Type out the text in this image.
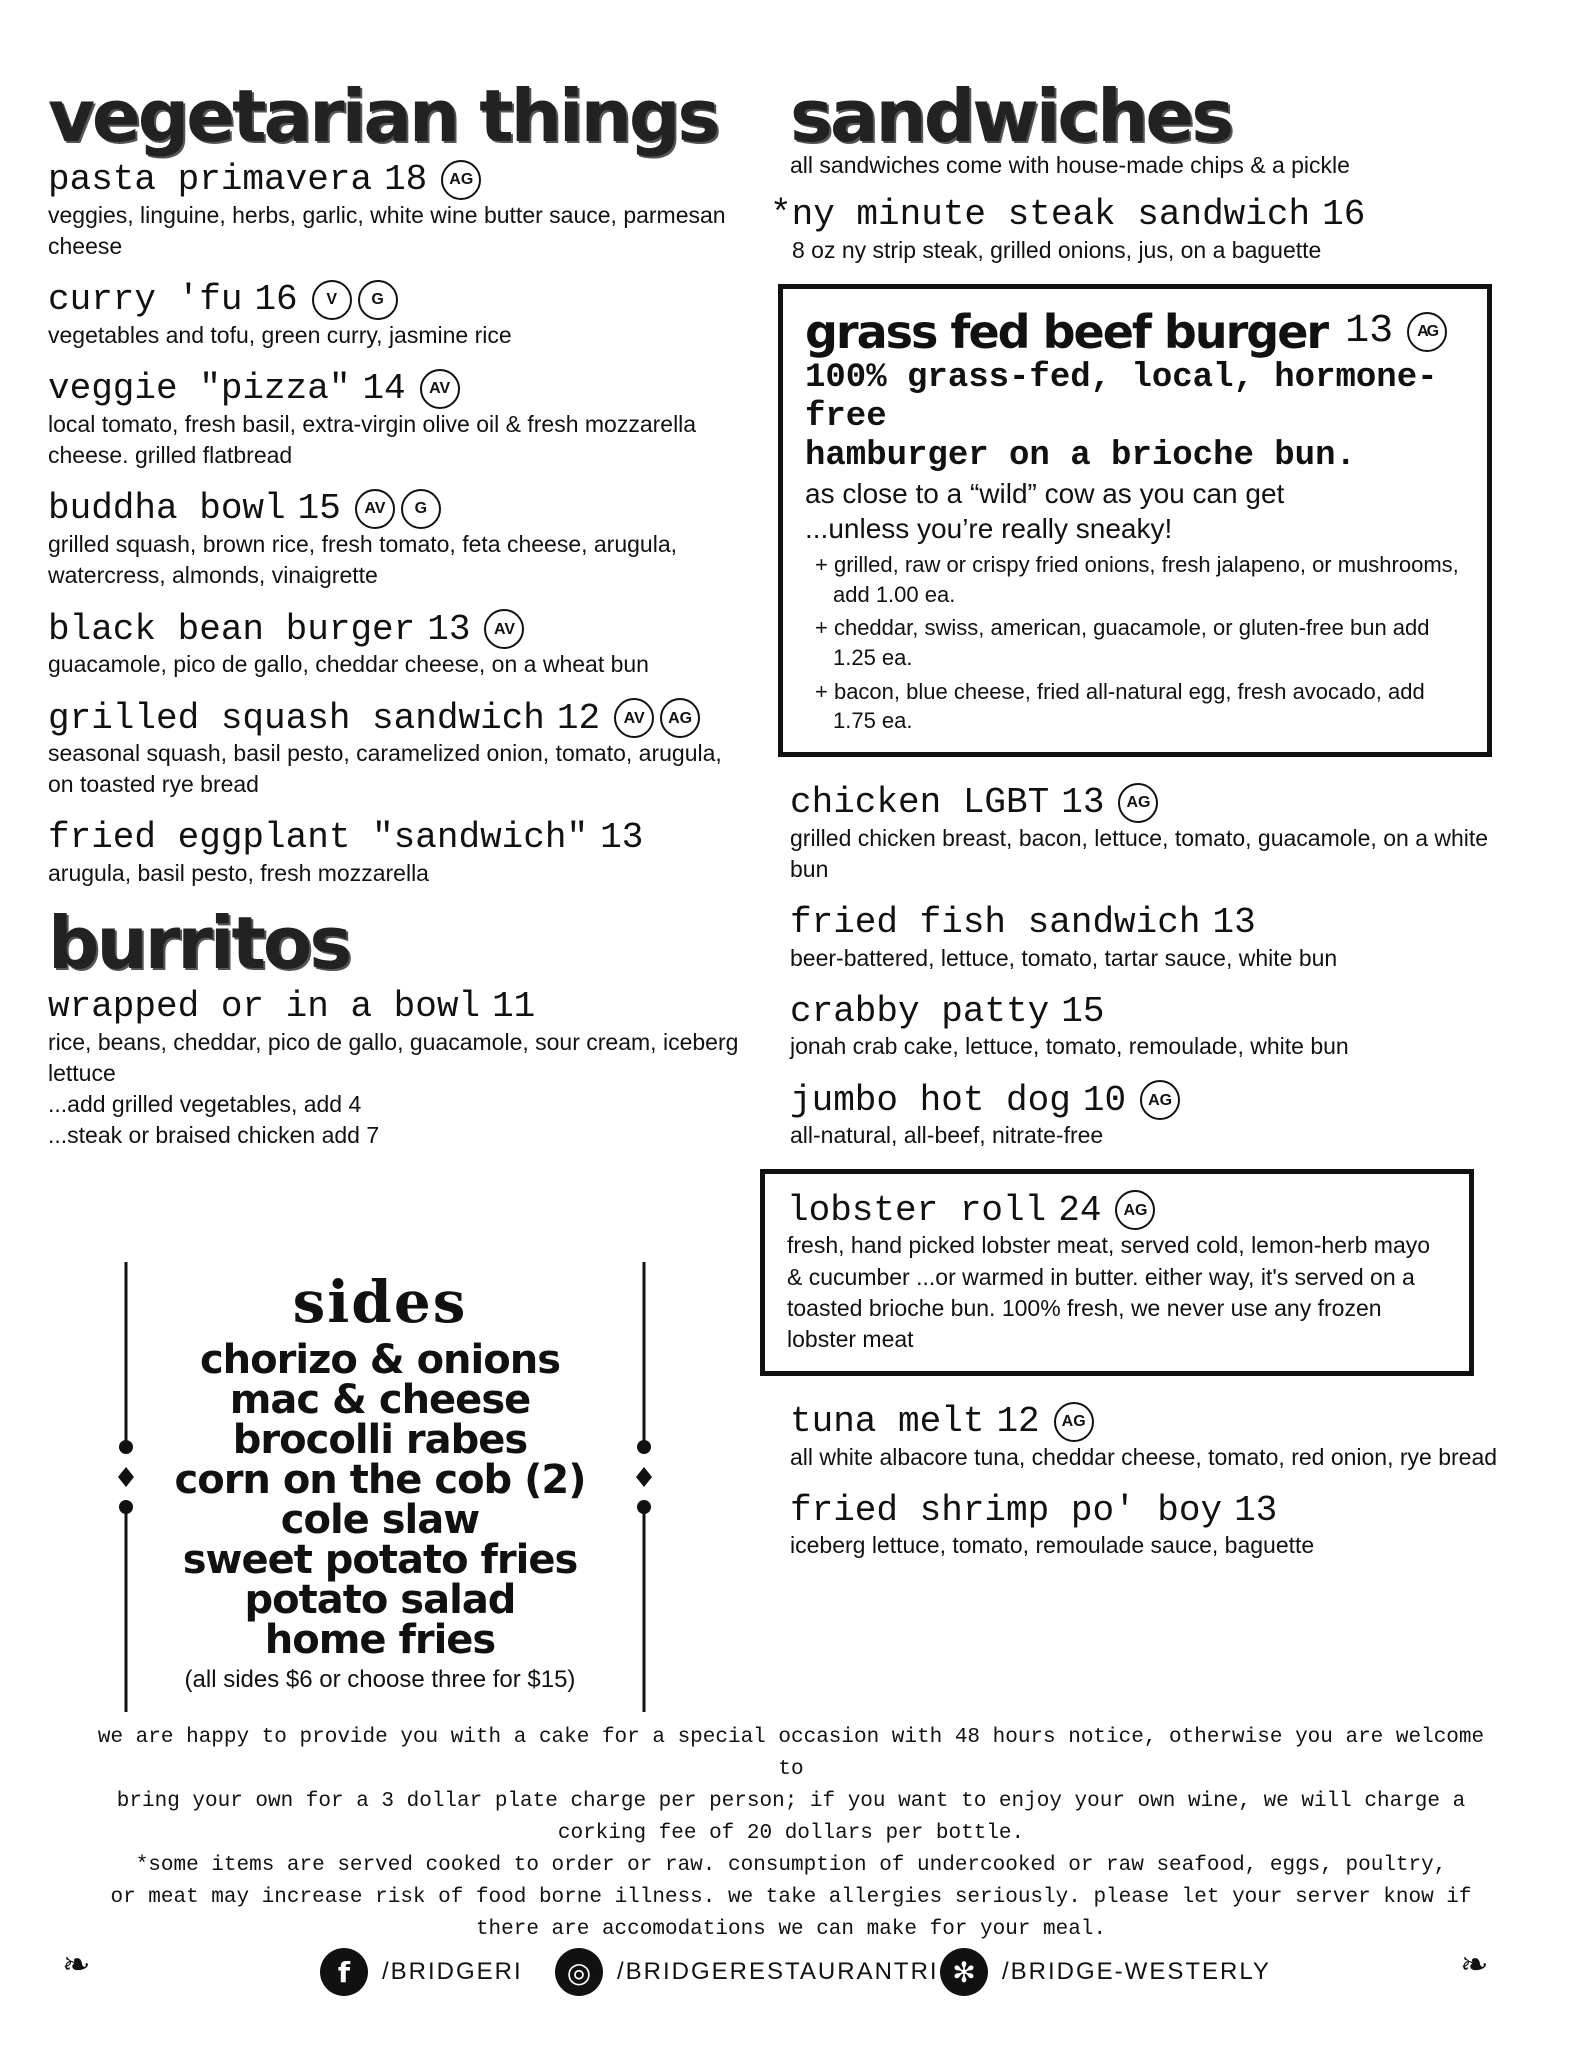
vegetarian things
pasta primavera 18	AG
veggies, linguine, herbs, garlic, white wine butter sauce, parmesan cheese
curry 'fu 16	V	G
vegetables and tofu, green curry, jasmine rice
veggie "pizza" 14	AV
local tomato, fresh basil, extra-virgin olive oil & fresh mozzarella cheese. grilled flatbread
buddha bowl 15	AV	G
grilled squash, brown rice, fresh tomato, feta cheese, arugula, watercress, almonds, vinaigrette
black bean burger 13	AV
guacamole, pico de gallo, cheddar cheese, on a wheat bun
grilled squash sandwich 12	AV	AG
seasonal squash, basil pesto, caramelized onion, tomato, arugula, on toasted rye bread
fried eggplant "sandwich" 13
arugula, basil pesto, fresh mozzarella
burritos
wrapped or in a bowl 11
rice, beans, cheddar, pico de gallo, guacamole, sour cream, iceberg lettuce
...add grilled vegetables, add 4
...steak or braised chicken add 7
sides
chorizo & onions
mac & cheese
brocolli rabes
corn on the cob (2)
cole slaw
sweet potato fries
potato salad
home fries
(all sides $6 or choose three for $15)
sandwiches
all sandwiches come with house-made chips & a pickle
*ny minute steak sandwich 16
8 oz ny strip steak, grilled onions, jus, on a baguette
grass fed beef burger 13	AG
100% grass-fed, local, hormone-free
hamburger on a brioche bun.
as close to a “wild” cow as you can get
...unless you’re really sneaky!
+ grilled, raw or crispy fried onions, fresh jalapeno, or mushrooms, add 1.00 ea.
+ cheddar, swiss, american, guacamole, or gluten-free bun add 1.25 ea.
+ bacon, blue cheese, fried all-natural egg, fresh avocado, add 1.75 ea.
chicken LGBT 13	AG
grilled chicken breast, bacon, lettuce, tomato, guacamole, on a white bun
fried fish sandwich 13
beer-battered, lettuce, tomato, tartar sauce, white bun
crabby patty 15
jonah crab cake, lettuce, tomato, remoulade, white bun
jumbo hot dog 10	AG
all-natural, all-beef, nitrate-free
lobster roll 24	AG
fresh, hand picked lobster meat, served cold, lemon-herb mayo & cucumber ...or warmed in butter. either way, it's served on a toasted brioche bun. 100% fresh, we never use any frozen lobster meat
tuna melt 12	AG
all white albacore tuna, cheddar cheese, tomato, red onion, rye bread
fried shrimp po' boy 13
iceberg lettuce, tomato, remoulade sauce, baguette
we are happy to provide you with a cake for a special occasion with 48 hours notice, otherwise you are welcome to
bring your own for a 3 dollar plate charge per person; if you want to enjoy your own wine, we will charge a
corking fee of 20 dollars per bottle.
*some items are served cooked to order or raw. consumption of undercooked or raw seafood, eggs, poultry,
or meat may increase risk of food borne illness. we take allergies seriously. please let your server know if
there are accomodations we can make for your meal.
❧	❧
f	/BRIDGERI	◎	/BRIDGERESTAURANTRI ✻	/BRIDGE-WESTERLY
